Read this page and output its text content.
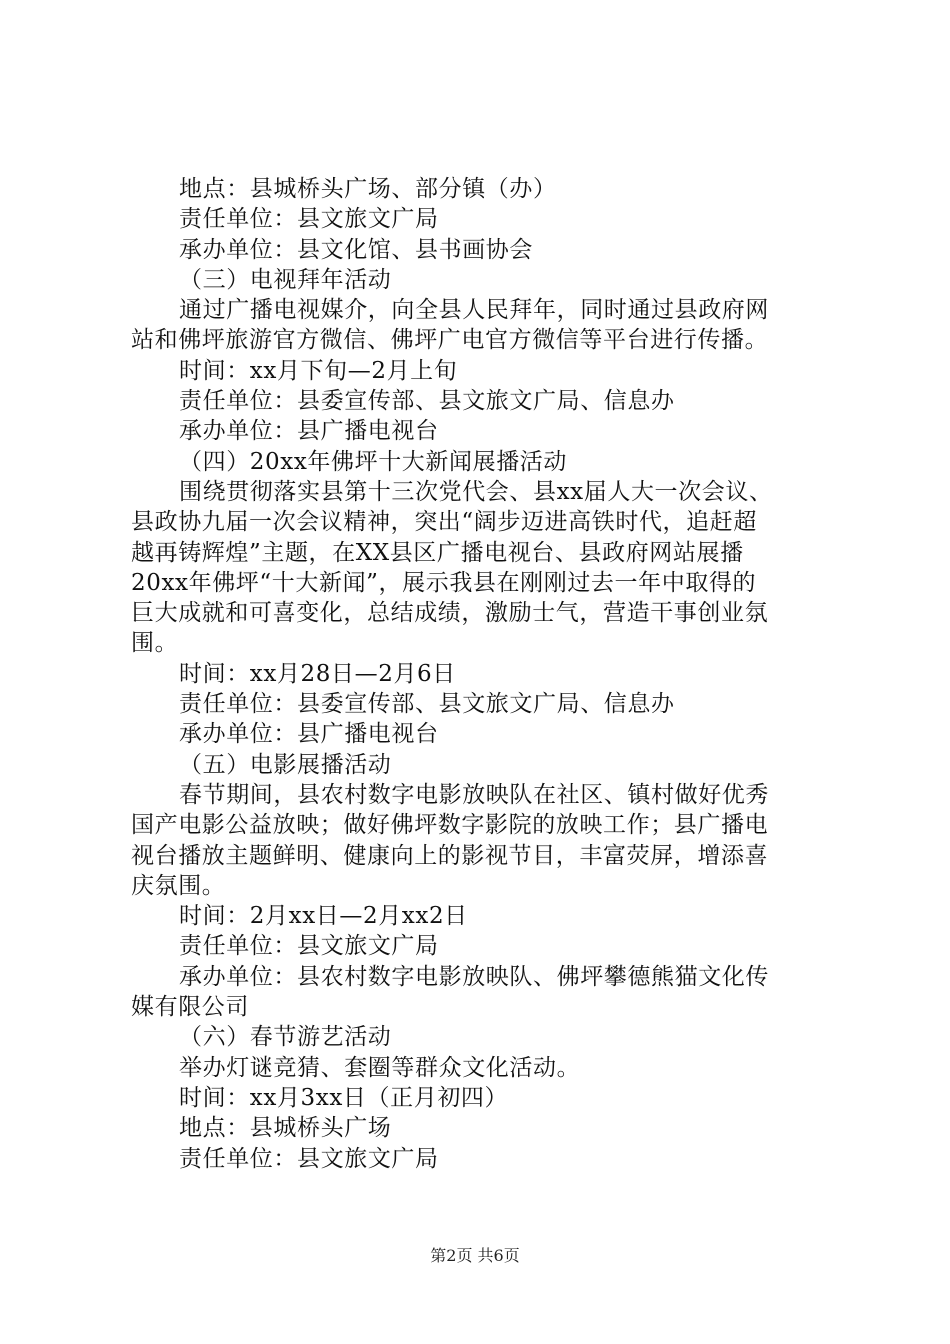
地点：县城桥头广场、部分镇（办）
责任单位：县文旅文广局
承办单位：县文化馆、县书画协会
（三）电视拜年活动
通过广播电视媒介，向全县人民拜年，同时通过县政府网
站和佛坪旅游官方微信、佛坪广电官方微信等平台进行传播。
时间：xx月下旬—2月上旬
责任单位：县委宣传部、县文旅文广局、信息办
承办单位：县广播电视台
（四）20xx年佛坪十大新闻展播活动
围绕贯彻落实县第十三次党代会、县xx届人大一次会议、
县政协九届一次会议精神，突出“阔步迈进高铁时代，追赶超
越再铸辉煌”主题，在XX县区广播电视台、县政府网站展播
20xx年佛坪“十大新闻”，展示我县在刚刚过去一年中取得的
巨大成就和可喜变化，总结成绩，激励士气，营造干事创业氛
围。
时间：xx月28日—2月6日
责任单位：县委宣传部、县文旅文广局、信息办
承办单位：县广播电视台
（五）电影展播活动
春节期间，县农村数字电影放映队在社区、镇村做好优秀
国产电影公益放映；做好佛坪数字影院的放映工作；县广播电
视台播放主题鲜明、健康向上的影视节目，丰富荧屏，增添喜
庆氛围。
时间：2月xx日—2月xx2日
责任单位：县文旅文广局
承办单位：县农村数字电影放映队、佛坪攀德熊猫文化传
媒有限公司
（六）春节游艺活动
举办灯谜竞猜、套圈等群众文化活动。
时间：xx月3xx日（正月初四）
地点：县城桥头广场
责任单位：县文旅文广局
第2页 共6页
